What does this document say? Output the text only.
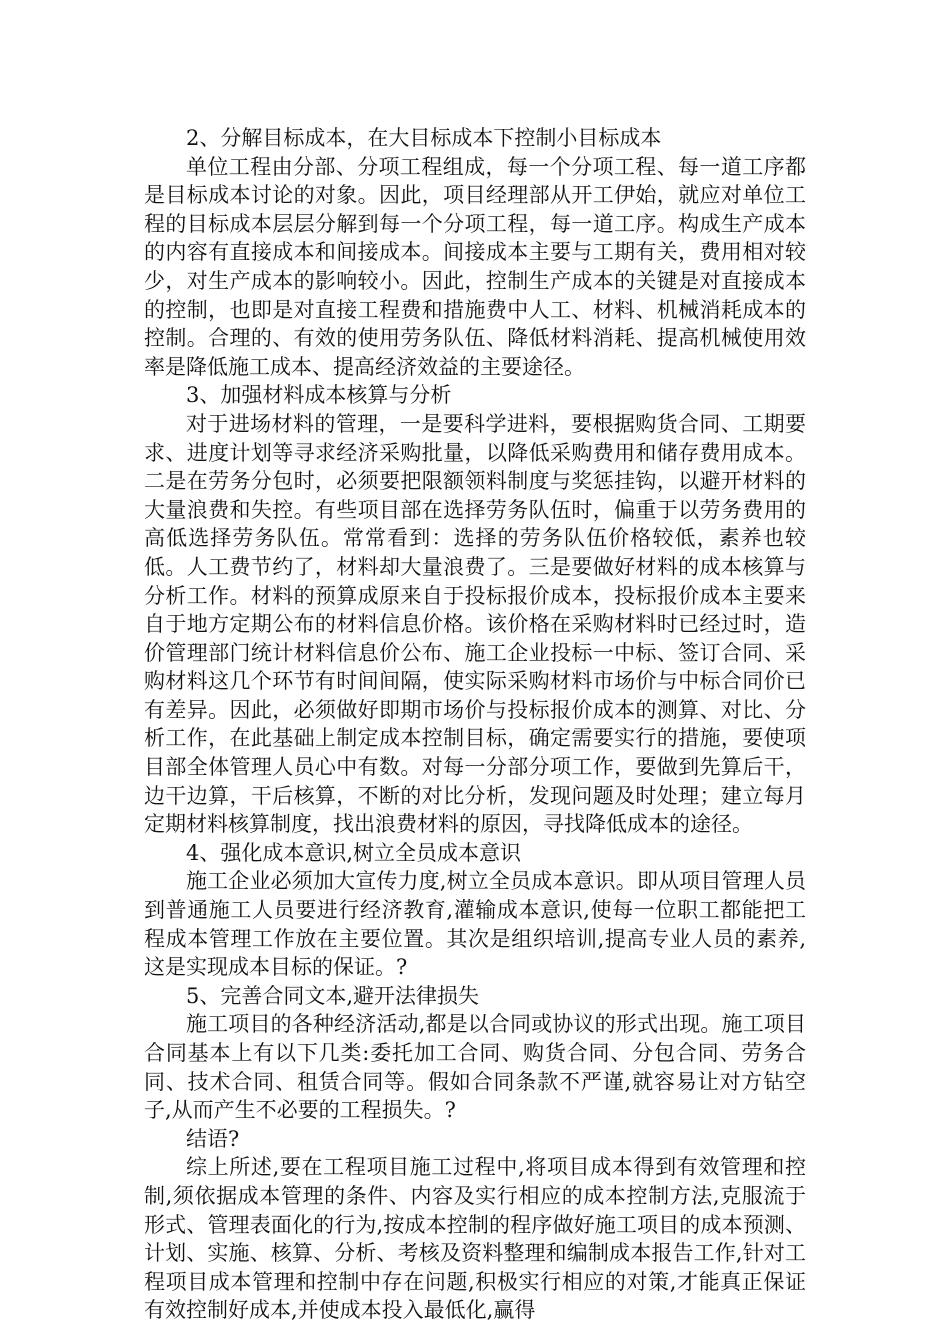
2、分解目标成本，在大目标成本下控制小目标成本

单位工程由分部、分项工程组成，每一个分项工程、每一道工序都是目标成本讨论的对象。因此，项目经理部从开工伊始，就应对单位工程的目标成本层层分解到每一个分项工程，每一道工序。构成生产成本的内容有直接成本和间接成本。间接成本主要与工期有关，费用相对较少，对生产成本的影响较小。因此，控制生产成本的关键是对直接成本的控制，也即是对直接工程费和措施费中人工、材料、机械消耗成本的控制。合理的、有效的使用劳务队伍、降低材料消耗、提高机械使用效率是降低施工成本、提高经济效益的主要途径。

3、加强材料成本核算与分析

对于进场材料的管理，一是要科学进料，要根据购货合同、工期要求、进度计划等寻求经济采购批量，以降低采购费用和储存费用成本。二是在劳务分包时，必须要把限额领料制度与奖惩挂钩，以避开材料的大量浪费和失控。有些项目部在选择劳务队伍时，偏重于以劳务费用的高低选择劳务队伍。常常看到：选择的劳务队伍价格较低，素养也较低。人工费节约了，材料却大量浪费了。三是要做好材料的成本核算与分析工作。材料的预算成原来自于投标报价成本，投标报价成本主要来自于地方定期公布的材料信息价格。该价格在采购材料时已经过时，造价管理部门统计材料信息价公布、施工企业投标一中标、签订合同、采购材料这几个环节有时间间隔，使实际采购材料市场价与中标合同价已有差异。因此，必须做好即期市场价与投标报价成本的测算、对比、分析工作，在此基础上制定成本控制目标，确定需要实行的措施，要使项目部全体管理人员心中有数。对每一分部分项工作，要做到先算后干，边干边算，干后核算，不断的对比分析，发现问题及时处理；建立每月定期材料核算制度，找出浪费材料的原因，寻找降低成本的途径。

4、强化成本意识,树立全员成本意识

施工企业必须加大宣传力度,树立全员成本意识。即从项目管理人员到普通施工人员要进行经济教育,灌输成本意识,使每一位职工都能把工程成本管理工作放在主要位置。其次是组织培训,提高专业人员的素养,这是实现成本目标的保证。?

5、完善合同文本,避开法律损失

施工项目的各种经济活动,都是以合同或协议的形式出现。施工项目合同基本上有以下几类:委托加工合同、购货合同、分包合同、劳务合同、技术合同、租赁合同等。假如合同条款不严谨,就容易让对方钻空子,从而产生不必要的工程损失。?

结语?

综上所述,要在工程项目施工过程中,将项目成本得到有效管理和控制,须依据成本管理的条件、内容及实行相应的成本控制方法,克服流于形式、管理表面化的行为,按成本控制的程序做好施工项目的成本预测、计划、实施、核算、分析、考核及资料整理和编制成本报告工作,针对工程项目成本管理和控制中存在问题,积极实行相应的对策,才能真正保证有效控制好成本,并使成本投入最低化,赢得
